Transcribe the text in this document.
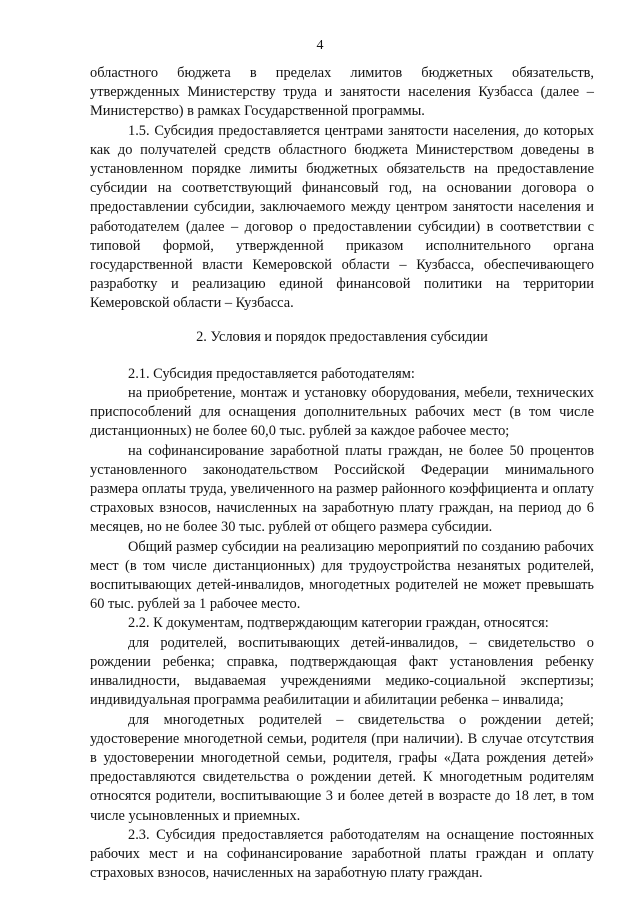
4

областного бюджета в пределах лимитов бюджетных обязательств, утвержденных Министерству труда и занятости населения Кузбасса (далее – Министерство) в рамках Государственной программы.

1.5. Субсидия предоставляется центрами занятости населения, до которых как до получателей средств областного бюджета Министерством доведены в установленном порядке лимиты бюджетных обязательств на предоставление субсидии на соответствующий финансовый год, на основании договора о предоставлении субсидии, заключаемого между центром занятости населения и работодателем (далее – договор о предоставлении субсидии) в соответствии с типовой формой, утвержденной приказом исполнительного органа государственной власти Кемеровской области – Кузбасса, обеспечивающего разработку и реализацию единой финансовой политики на территории Кемеровской области – Кузбасса.

2. Условия и порядок предоставления субсидии

2.1. Субсидия предоставляется работодателям:

на приобретение, монтаж и установку оборудования, мебели, технических приспособлений для оснащения дополнительных рабочих мест (в том числе дистанционных) не более 60,0 тыс. рублей за каждое рабочее место;

на софинансирование заработной платы граждан, не более 50 процентов установленного законодательством Российской Федерации минимального размера оплаты труда, увеличенного на размер районного коэффициента и оплату страховых взносов, начисленных на заработную плату граждан, на период до 6 месяцев, но не более 30 тыс. рублей от общего размера субсидии.

Общий размер субсидии на реализацию мероприятий по созданию рабочих мест (в том числе дистанционных) для трудоустройства незанятых родителей, воспитывающих детей-инвалидов, многодетных родителей не может превышать 60 тыс. рублей за 1 рабочее место.

2.2. К документам, подтверждающим категории граждан, относятся:

для родителей, воспитывающих детей-инвалидов, – свидетельство о рождении ребенка; справка, подтверждающая факт установления ребенку инвалидности, выдаваемая учреждениями медико-социальной экспертизы; индивидуальная программа реабилитации и абилитации ребенка – инвалида;

для многодетных родителей – свидетельства о рождении детей; удостоверение многодетной семьи, родителя (при наличии). В случае отсутствия в удостоверении многодетной семьи, родителя, графы «Дата рождения детей» предоставляются свидетельства о рождении детей. К многодетным родителям относятся родители, воспитывающие 3 и более детей в возрасте до 18 лет, в том числе усыновленных и приемных.

2.3. Субсидия предоставляется работодателям на оснащение постоянных рабочих мест и на софинансирование заработной платы граждан и оплату страховых взносов, начисленных на заработную плату граждан.
